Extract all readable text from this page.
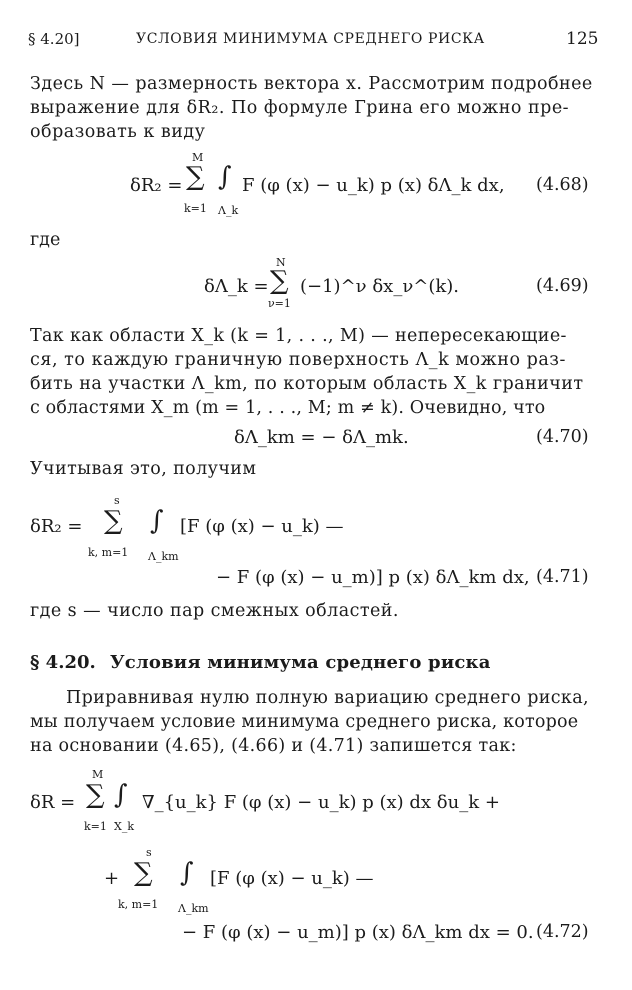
§ 4.20]	УСЛОВИЯ МИНИМУМА СРЕДНЕГО РИСКА	125
Здесь N — размерность вектора x. Рассмотрим подробнее
выражение для δR₂. По формуле Грина его можно пре-
образовать к виду
δR₂ =
M
∑
k=1
∫
Λ_k
F (φ (x) − u_k) p (x) δΛ_k dx, (4.68)
где
δΛ_k =
N
∑
ν=1
(−1)^ν δx_ν^(k).	(4.69)
Так как области X_k (k = 1, . . ., M) — непересекающие-
ся, то каждую граничную поверхность Λ_k можно раз-
бить на участки Λ_km, по которым область X_k граничит
с областями X_m (m = 1, . . ., M; m ≠ k). Очевидно, что
δΛ_km = − δΛ_mk.	(4.70)
Учитывая это, получим
δR₂ =
s
∑
k, m=1
∫
Λ_km
[F (φ (x) − u_k) —
− F (φ (x) − u_m)] p (x) δΛ_km dx, (4.71)
где s — число пар смежных областей.
§ 4.20. Условия минимума среднего риска
Приравнивая нулю полную вариацию среднего риска,
мы получаем условие минимума среднего риска, которое
на основании (4.65), (4.66) и (4.71) запишется так:
δR =
M
∑
k=1
∫
X_k
∇_{u_k} F (φ (x) − u_k) p (x) dx δu_k +
+
s
∑
k, m=1
∫
Λ_km
[F (φ (x) − u_k) —
− F (φ (x) − u_m)] p (x) δΛ_km dx = 0. (4.72)
